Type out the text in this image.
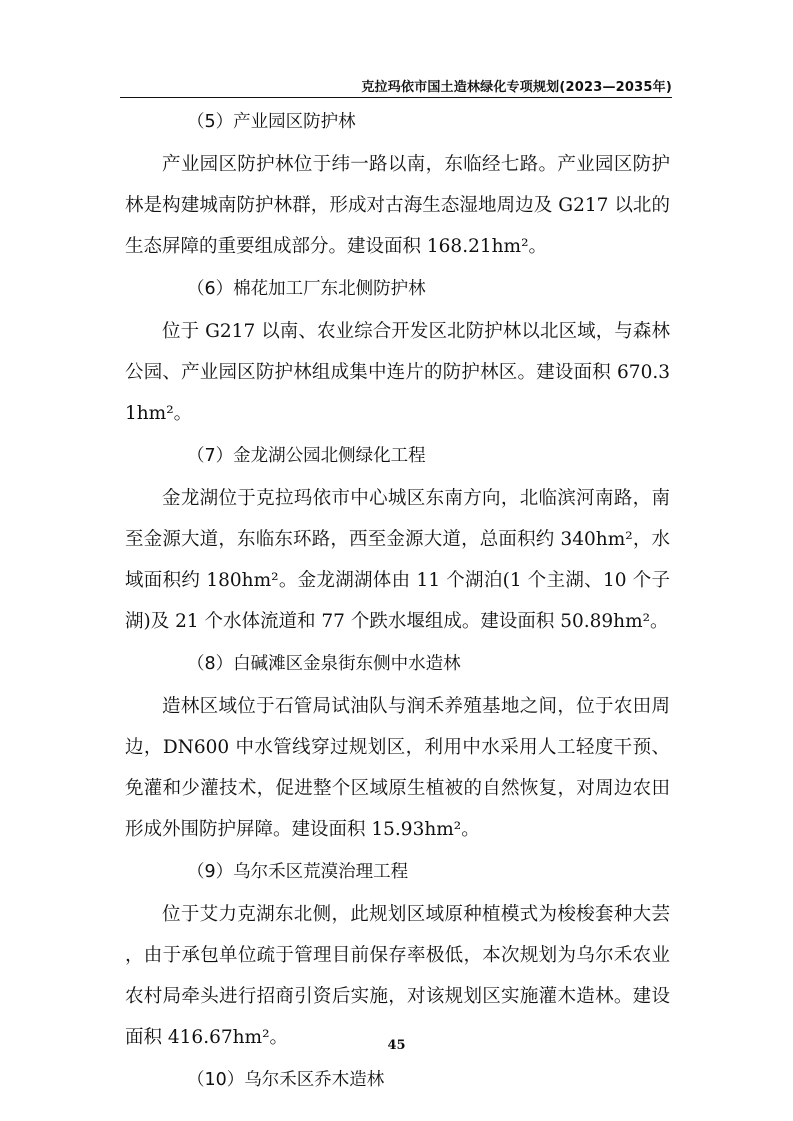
克拉玛依市国土造林绿化专项规划(2023—2035年)
（5）产业园区防护林

产业园区防护林位于纬一路以南，东临经七路。产业园区防护林是构建城南防护林群，形成对古海生态湿地周边及 G217 以北的生态屏障的重要组成部分。建设面积 168.21hm²。

（6）棉花加工厂东北侧防护林

位于 G217 以南、农业综合开发区北防护林以北区域，与森林公园、产业园区防护林组成集中连片的防护林区。建设面积 670.31hm²。

（7）金龙湖公园北侧绿化工程

金龙湖位于克拉玛依市中心城区东南方向，北临滨河南路，南至金源大道，东临东环路，西至金源大道，总面积约 340hm²，水域面积约 180hm²。金龙湖湖体由 11 个湖泊(1 个主湖、10 个子湖)及 21 个水体流道和 77 个跌水堰组成。建设面积 50.89hm²。

（8）白碱滩区金泉街东侧中水造林

造林区域位于石管局试油队与润禾养殖基地之间，位于农田周边，DN600 中水管线穿过规划区，利用中水采用人工轻度干预、免灌和少灌技术，促进整个区域原生植被的自然恢复，对周边农田形成外围防护屏障。建设面积 15.93hm²。

（9）乌尔禾区荒漠治理工程

位于艾力克湖东北侧，此规划区域原种植模式为梭梭套种大芸，由于承包单位疏于管理目前保存率极低，本次规划为乌尔禾农业农村局牵头进行招商引资后实施，对该规划区实施灌木造林。建设面积 416.67hm²。

（10）乌尔禾区乔木造林
45
